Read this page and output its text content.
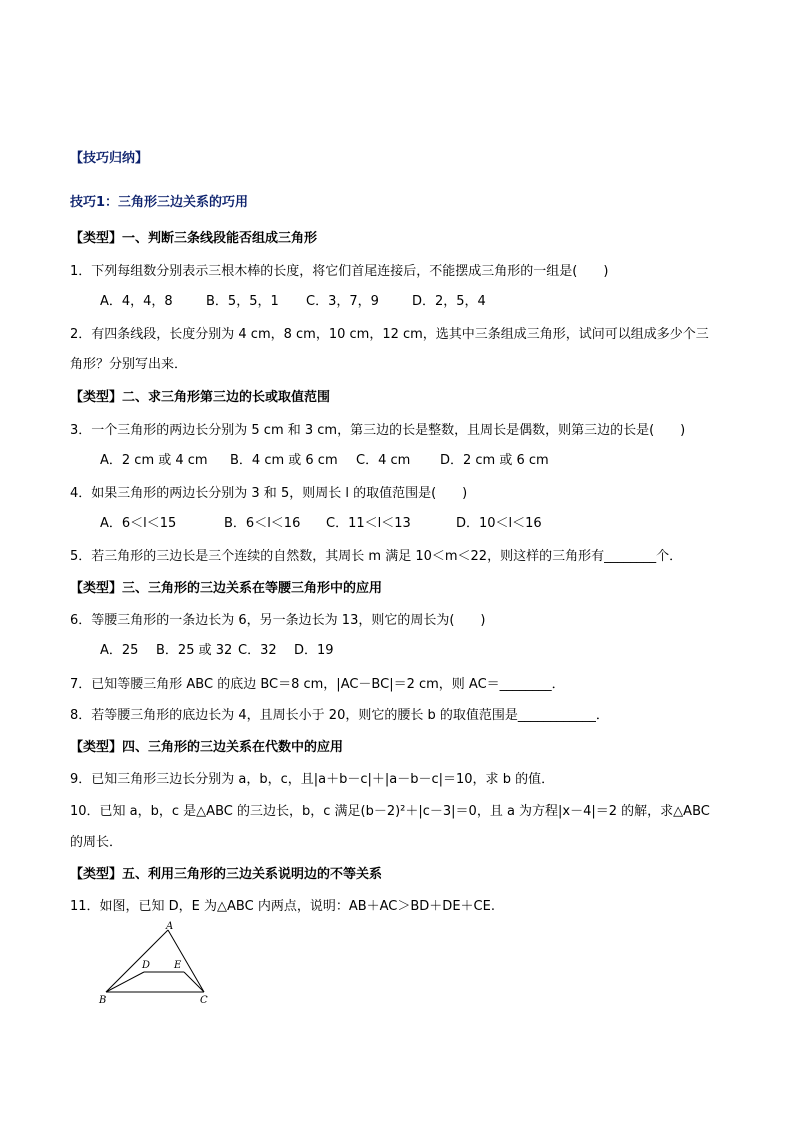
【技巧归纳】
技巧1：三角形三边关系的巧用
【类型】一、判断三条线段能否组成三角形
1．下列每组数分别表示三根木棒的长度，将它们首尾连接后，不能摆成三角形的一组是(　　)
A．4，4，8	B．5，5，1 C．3，7，9	D．2，5，4
2．有四条线段，长度分别为 4 cm，8 cm，10 cm，12 cm，选其中三条组成三角形，试问可以组成多少个三
角形？分别写出来．
【类型】二、求三角形第三边的长或取值范围
3．一个三角形的两边长分别为 5 cm 和 3 cm，第三边的长是整数，且周长是偶数，则第三边的长是(　　)
A．2 cm 或 4 cm B．4 cm 或 6 cm C．4 cm D．2 cm 或 6 cm
4．如果三角形的两边长分别为 3 和 5，则周长 l 的取值范围是(　　)
A．6＜l＜15	B．6＜l＜16 C．11＜l＜13	D．10＜l＜16
5．若三角形的三边长是三个连续的自然数，其周长 m 满足 10＜m＜22，则这样的三角形有________个．
【类型】三、三角形的三边关系在等腰三角形中的应用
6．等腰三角形的一条边长为 6，另一条边长为 13，则它的周长为(　　)
A．25 B．25 或 32 C．32 D．19
7．已知等腰三角形 ABC 的底边 BC＝8 cm，|AC－BC|＝2 cm，则 AC＝________．
8．若等腰三角形的底边长为 4，且周长小于 20，则它的腰长 b 的取值范围是____________．
【类型】四、三角形的三边关系在代数中的应用
9．已知三角形三边长分别为 a，b，c，且|a＋b－c|＋|a－b－c|＝10，求 b 的值．
10．已知 a，b，c 是△ABC 的三边长，b，c 满足(b－2)²＋|c－3|＝0，且 a 为方程|x－4|＝2 的解，求△ABC
的周长．
【类型】五、利用三角形的三边关系说明边的不等关系
11．如图，已知 D，E 为△ABC 内两点，说明：AB＋AC＞BD＋DE＋CE.
A
B	C
D E
